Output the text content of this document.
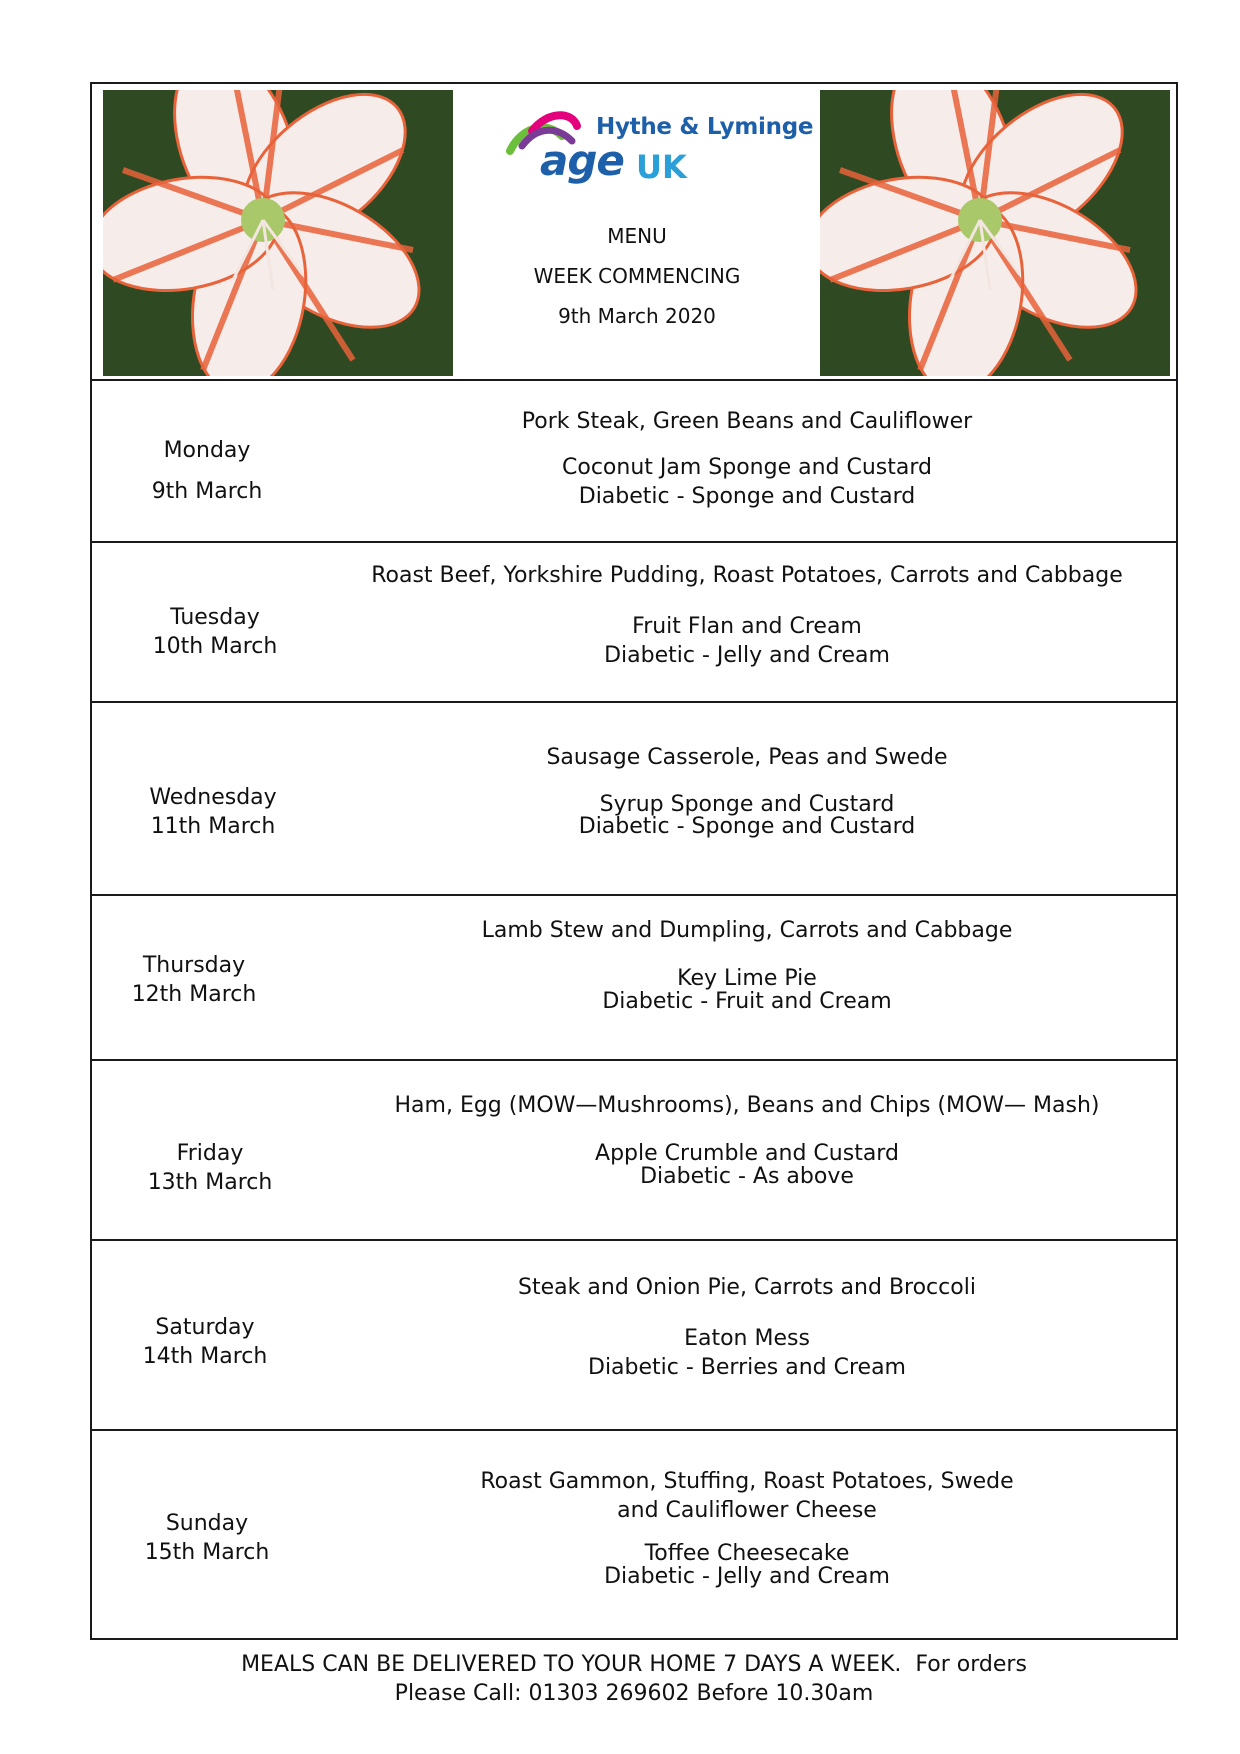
Hythe & Lyminge
age UK
MENU
WEEK COMMENCING
9th March 2020
Monday
9th March
Pork Steak, Green Beans and Cauliflower
Coconut Jam Sponge and Custard
Diabetic - Sponge and Custard
Tuesday
10th March
Roast Beef, Yorkshire Pudding, Roast Potatoes, Carrots and Cabbage
Fruit Flan and Cream
Diabetic - Jelly and Cream
Wednesday
11th March
Sausage Casserole, Peas and Swede
Syrup Sponge and Custard
Diabetic - Sponge and Custard
Thursday
12th March
Lamb Stew and Dumpling, Carrots and Cabbage
Key Lime Pie
Diabetic - Fruit and Cream
Friday
13th March
Ham, Egg (MOW—Mushrooms), Beans and Chips (MOW— Mash)
Apple Crumble and Custard
Diabetic - As above
Saturday
14th March
Steak and Onion Pie, Carrots and Broccoli
Eaton Mess
Diabetic - Berries and Cream
Sunday
15th March
Roast Gammon, Stuffing, Roast Potatoes, Swede
and Cauliflower Cheese
Toffee Cheesecake
Diabetic - Jelly and Cream
MEALS CAN BE DELIVERED TO YOUR HOME 7 DAYS A WEEK.  For orders
Please Call: 01303 269602 Before 10.30am
